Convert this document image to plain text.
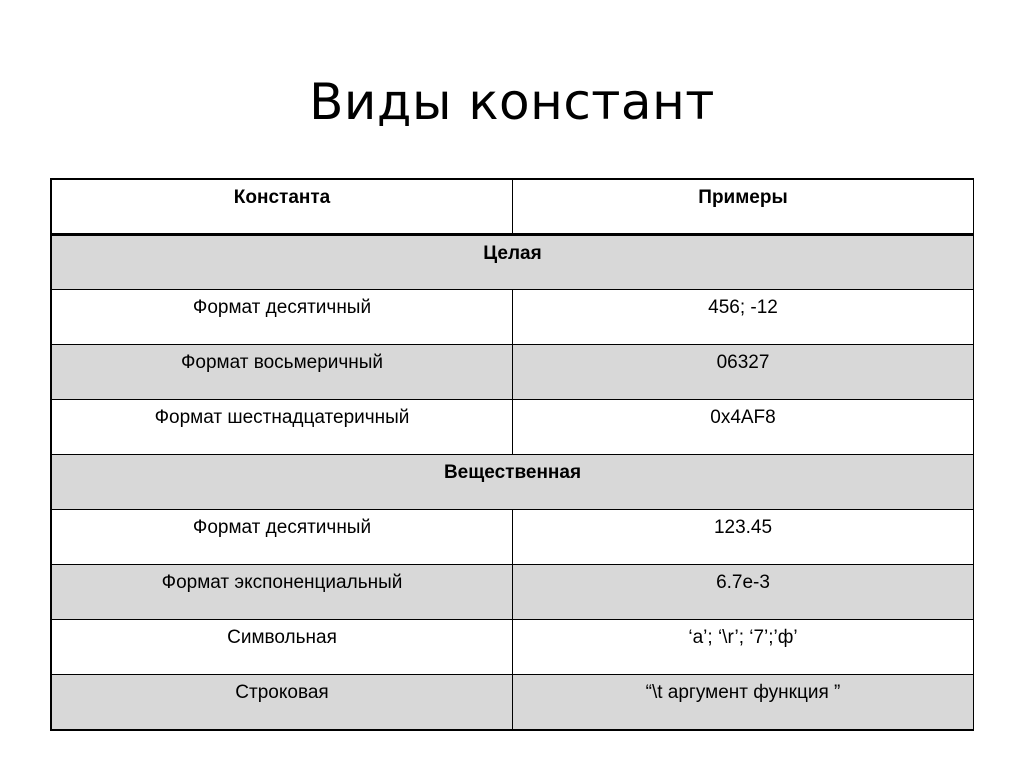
Виды констант
Константа	Примеры
Целая	
Формат десятичный	456; -12
Формат восьмеричный	06327
Формат шестнадцатеричный	0x4AF8
Вещественная	
Формат десятичный	123.45
Формат экспоненциальный	6.7e-3
Символьная	‘a’; ‘\r’; ‘7’;’ф’
Строковая	“\t аргумент функция ”
